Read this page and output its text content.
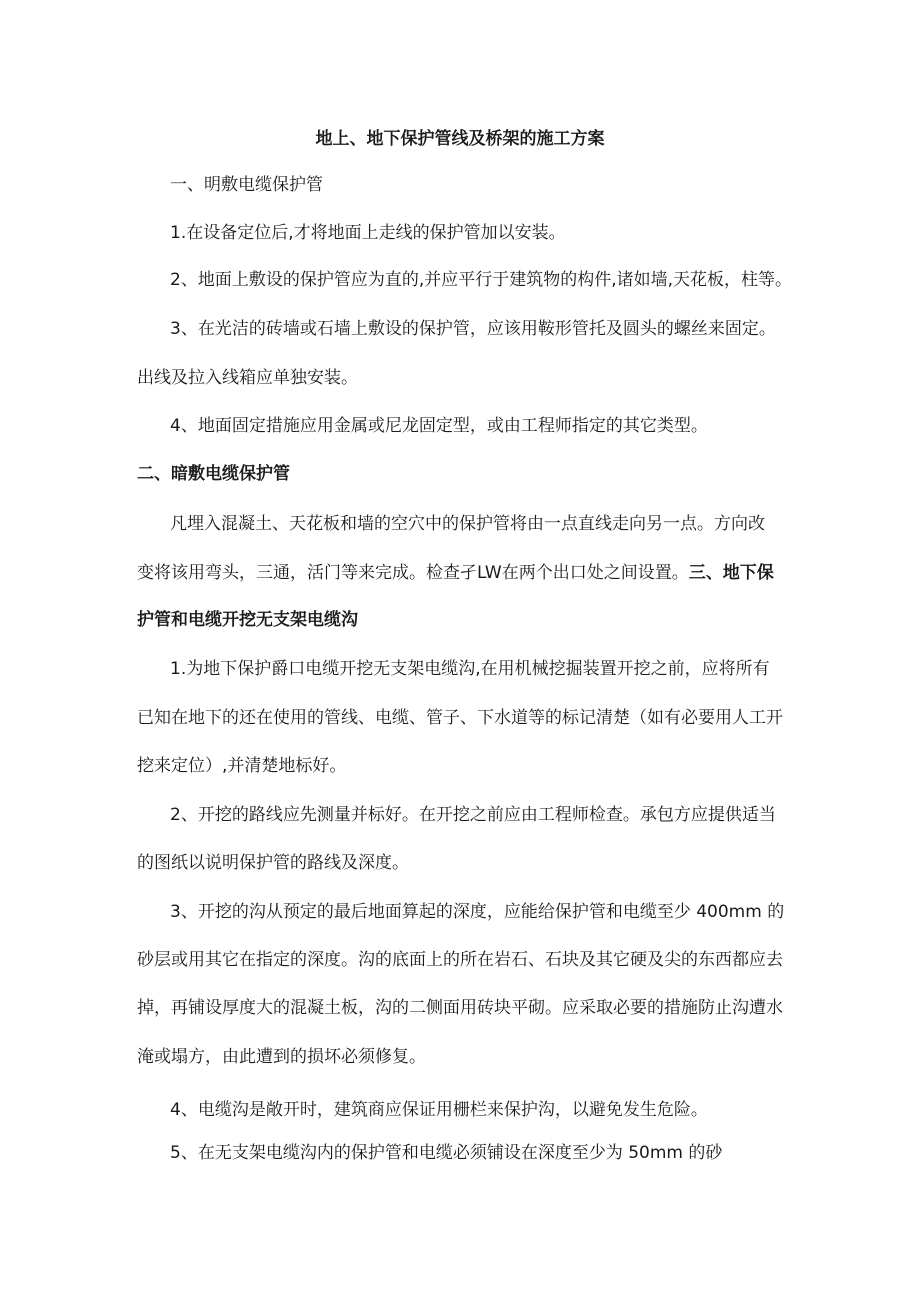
地上、地下保护管线及桥架的施工方案
一、明敷电缆保护管
1.在设备定位后,才将地面上走线的保护管加以安装。
2、地面上敷设的保护管应为直的,并应平行于建筑物的构件,诸如墙,天花板，柱等。
3、在光洁的砖墙或石墙上敷设的保护管，应该用鞍形管托及圆头的螺丝来固定。
出线及拉入线箱应单独安装。
4、地面固定措施应用金属或尼龙固定型，或由工程师指定的其它类型。
二、暗敷电缆保护管
凡埋入混凝土、天花板和墙的空穴中的保护管将由一点直线走向另一点。方向改
变将该用弯头，三通，活门等来完成。检查孑LW在两个出口处之间设置。三、地下保
护管和电缆开挖无支架电缆沟
1.为地下保护爵口电缆开挖无支架电缆沟,在用机械挖掘装置开挖之前，应将所有
已知在地下的还在使用的管线、电缆、管子、下水道等的标记清楚（如有必要用人工开
挖来定位）,并清楚地标好。
2、开挖的路线应先测量并标好。在开挖之前应由工程师检查。承包方应提供适当
的图纸以说明保护管的路线及深度。
3、开挖的沟从预定的最后地面算起的深度，应能给保护管和电缆至少 400mm 的
砂层或用其它在指定的深度。沟的底面上的所在岩石、石块及其它硬及尖的东西都应去
掉，再铺设厚度大的混凝土板，沟的二侧面用砖块平砌。应采取必要的措施防止沟遭水
淹或塌方，由此遭到的损坏必须修复。
4、电缆沟是敞开时，建筑商应保证用栅栏来保护沟，以避免发生危险。
5、在无支架电缆沟内的保护管和电缆必须铺设在深度至少为 50mm 的砂
